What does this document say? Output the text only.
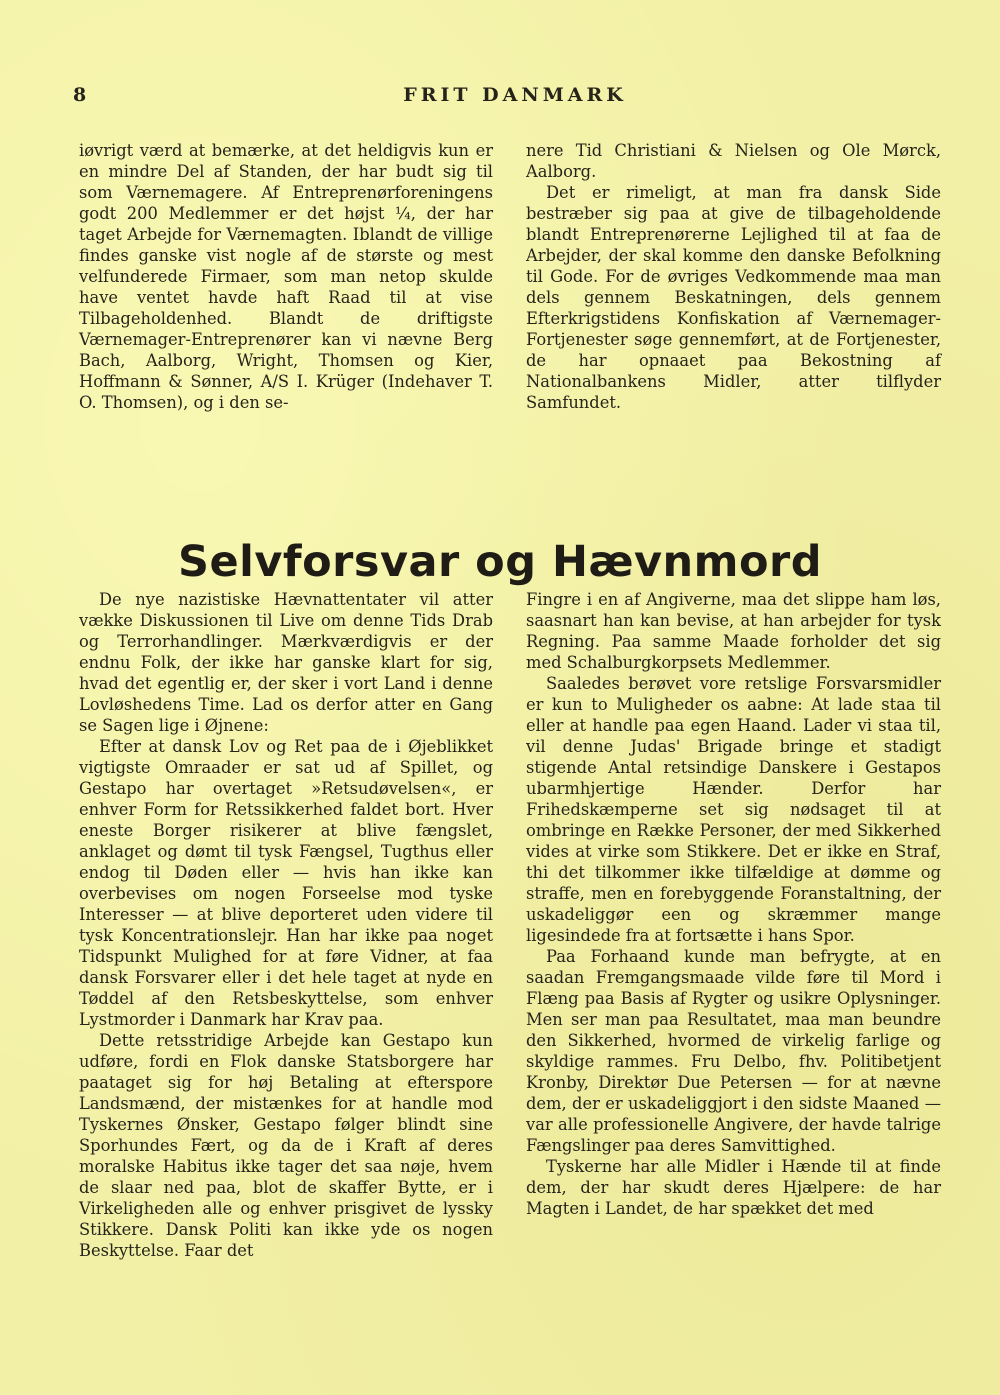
8	FRIT DANMARK

iøvrigt værd at bemærke, at det heldigvis kun er en mindre Del af Standen, der har budt sig til som Værnemagere. Af Entreprenørforeningens godt 200 Medlemmer er det højst ¼, der har taget Arbejde for Værnemagten. Iblandt de villige findes ganske vist nogle af de største og mest velfunderede Firmaer, som man netop skulde have ventet havde haft Raad til at vise Tilbageholdenhed. Blandt de driftigste Værnemager-Entreprenører kan vi nævne Berg Bach, Aalborg, Wright, Thomsen og Kier, Hoffmann & Sønner, A/S I. Krüger (Indehaver T. O. Thomsen), og i den se-

nere Tid Christiani & Nielsen og Ole Mørck, Aalborg.

Det er rimeligt, at man fra dansk Side bestræber sig paa at give de tilbageholdende blandt Entreprenørerne Lejlighed til at faa de Arbejder, der skal komme den danske Befolkning til Gode. For de øvriges Vedkommende maa man dels gennem Beskatningen, dels gennem Efterkrigstidens Konfiskation af Værnemager-Fortjenester søge gennemført, at de Fortjenester, de har opnaaet paa Bekostning af Nationalbankens Midler, atter tilflyder Samfundet.

Selvforsvar og Hævnmord

De nye nazistiske Hævnattentater vil atter vække Diskussionen til Live om denne Tids Drab og Terrorhandlinger. Mærkværdigvis er der endnu Folk, der ikke har ganske klart for sig, hvad det egentlig er, der sker i vort Land i denne Lovløshedens Time. Lad os derfor atter en Gang se Sagen lige i Øjnene:

Efter at dansk Lov og Ret paa de i Øjeblikket vigtigste Omraader er sat ud af Spillet, og Gestapo har overtaget »Retsudøvelsen«, er enhver Form for Retssikkerhed faldet bort. Hver eneste Borger risikerer at blive fængslet, anklaget og dømt til tysk Fængsel, Tugthus eller endog til Døden eller — hvis han ikke kan overbevises om nogen Forseelse mod tyske Interesser — at blive deporteret uden videre til tysk Koncentrationslejr. Han har ikke paa noget Tidspunkt Mulighed for at føre Vidner, at faa dansk Forsvarer eller i det hele taget at nyde en Tøddel af den Retsbeskyttelse, som enhver Lystmorder i Danmark har Krav paa.

Dette retsstridige Arbejde kan Gestapo kun udføre, fordi en Flok danske Statsborgere har paataget sig for høj Betaling at efterspore Landsmænd, der mistænkes for at handle mod Tyskernes Ønsker, Gestapo følger blindt sine Sporhundes Fært, og da de i Kraft af deres moralske Habitus ikke tager det saa nøje, hvem de slaar ned paa, blot de skaffer Bytte, er i Virkeligheden alle og enhver prisgivet de lyssky Stikkere. Dansk Politi kan ikke yde os nogen Beskyttelse. Faar det

Fingre i en af Angiverne, maa det slippe ham løs, saasnart han kan bevise, at han arbejder for tysk Regning. Paa samme Maade forholder det sig med Schalburgkorpsets Medlemmer.

Saaledes berøvet vore retslige Forsvarsmidler er kun to Muligheder os aabne: At lade staa til eller at handle paa egen Haand. Lader vi staa til, vil denne Judas' Brigade bringe et stadigt stigende Antal retsindige Danskere i Gestapos ubarmhjertige Hænder. Derfor har Frihedskæmperne set sig nødsaget til at ombringe en Række Personer, der med Sikkerhed vides at virke som Stikkere. Det er ikke en Straf, thi det tilkommer ikke tilfældige at dømme og straffe, men en forebyggende Foranstaltning, der uskadeliggør een og skræmmer mange ligesindede fra at fortsætte i hans Spor.

Paa Forhaand kunde man befrygte, at en saadan Fremgangsmaade vilde føre til Mord i Flæng paa Basis af Rygter og usikre Oplysninger. Men ser man paa Resultatet, maa man beundre den Sikkerhed, hvormed de virkelig farlige og skyldige rammes. Fru Delbo, fhv. Politibetjent Kronby, Direktør Due Petersen — for at nævne dem, der er uskadeliggjort i den sidste Maaned — var alle professionelle Angivere, der havde talrige Fængslinger paa deres Samvittighed.

Tyskerne har alle Midler i Hænde til at finde dem, der har skudt deres Hjælpere: de har Magten i Landet, de har spækket det med
